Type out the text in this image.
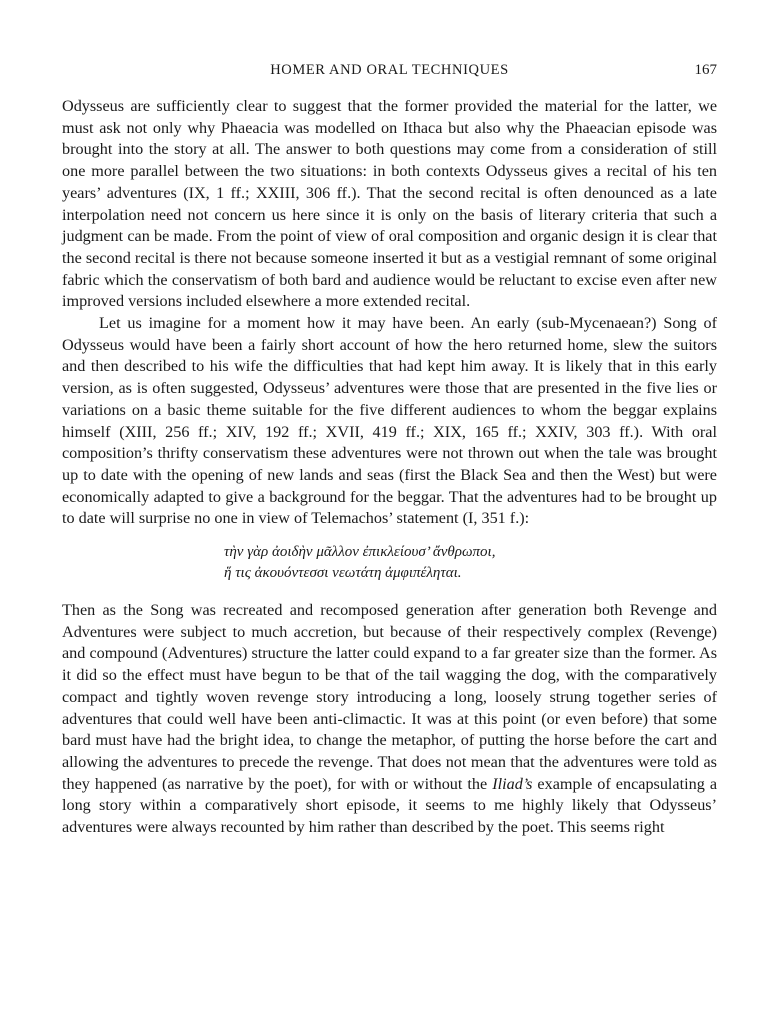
HOMER AND ORAL TECHNIQUES	167

Odysseus are sufficiently clear to suggest that the former provided the material for the latter, we must ask not only why Phaeacia was modelled on Ithaca but also why the Phaeacian episode was brought into the story at all. The answer to both questions may come from a consideration of still one more parallel between the two situations: in both contexts Odysseus gives a recital of his ten years’ adventures (IX, 1 ff.; XXIII, 306 ff.). That the second recital is often denounced as a late interpolation need not concern us here since it is only on the basis of literary criteria that such a judgment can be made. From the point of view of oral composition and organic design it is clear that the second recital is there not because someone inserted it but as a vestigial remnant of some original fabric which the conservatism of both bard and audience would be reluctant to excise even after new improved versions included elsewhere a more extended recital.

Let us imagine for a moment how it may have been. An early (sub-Mycenaean?) Song of Odysseus would have been a fairly short account of how the hero returned home, slew the suitors and then described to his wife the difficulties that had kept him away. It is likely that in this early version, as is often suggested, Odysseus’ adventures were those that are presented in the five lies or variations on a basic theme suitable for the five different audiences to whom the beggar explains himself (XIII, 256 ff.; XIV, 192 ff.; XVII, 419 ff.; XIX, 165 ff.; XXIV, 303 ff.). With oral composition’s thrifty conservatism these adventures were not thrown out when the tale was brought up to date with the opening of new lands and seas (first the Black Sea and then the West) but were economically adapted to give a background for the beggar. That the adventures had to be brought up to date will surprise no one in view of Telemachos’ statement (I, 351 f.):

τὴν γὰρ ἀοιδὴν μᾶλλον ἐπικλείουσ’ ἄνθρωποι,
ἥ τις ἀκουόντεσσι νεωτάτη ἀμφιπέληται.

Then as the Song was recreated and recomposed generation after generation both Revenge and Adventures were subject to much accretion, but because of their respectively complex (Revenge) and compound (Adventures) structure the latter could expand to a far greater size than the former. As it did so the effect must have begun to be that of the tail wagging the dog, with the comparatively compact and tightly woven revenge story introducing a long, loosely strung together series of adventures that could well have been anti-climactic. It was at this point (or even before) that some bard must have had the bright idea, to change the metaphor, of putting the horse before the cart and allowing the adventures to precede the revenge. That does not mean that the adventures were told as they happened (as narrative by the poet), for with or without the Iliad’s example of encapsulating a long story within a comparatively short episode, it seems to me highly likely that Odysseus’ adventures were always recounted by him rather than described by the poet. This seems right
